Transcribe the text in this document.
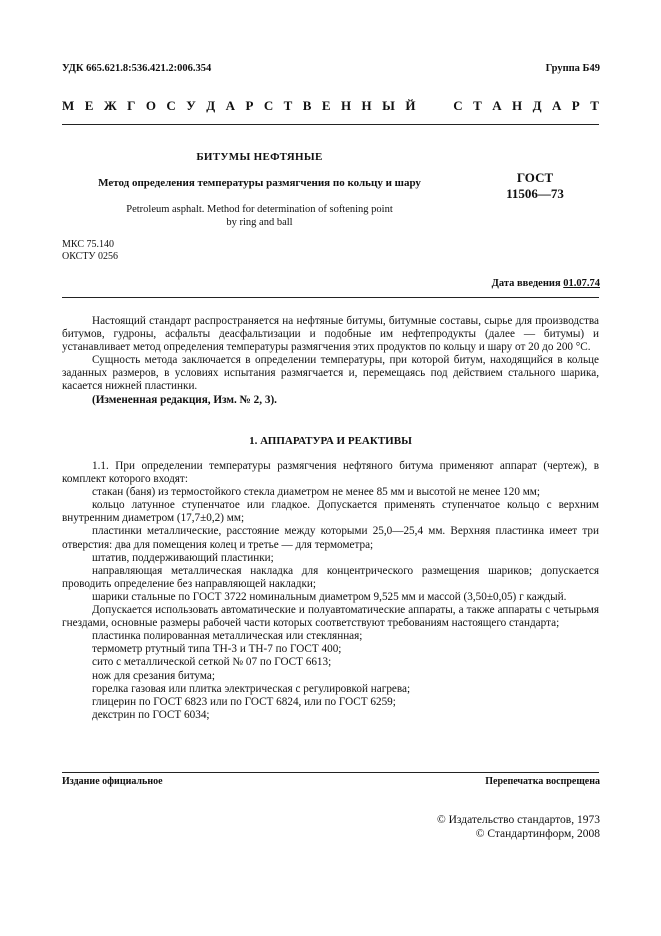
УДК 665.621.8:536.421.2:006.354	Группа Б49
М Е Ж Г О С У Д А Р С Т В Е Н Н Ы Й

	С Т А Н Д А Р Т
БИТУМЫ НЕФТЯНЫЕ
Метод определения температуры размягчения по кольцу и шару
Petroleum asphalt. Method for determination of softening point
by ring and ball
ГОСТ
11506—73
МКС 75.140
ОКСТУ 0256
Дата введения 01.07.74

Настоящий стандарт распространяется на нефтяные битумы, битумные составы, сырье для производства битумов, гудроны, асфальты деасфальтизации и подобные им нефтепродукты (далее — битумы) и устанавливает метод определения температуры размягчения этих продуктов по кольцу и шару от 20 до 200 °С.

Сущность метода заключается в определении температуры, при которой битум, находящийся в кольце заданных размеров, в условиях испытания размягчается и, перемещаясь под действием стального шарика, касается нижней пластинки.

(Измененная редакция, Изм. № 2, 3).

1. АППАРАТУРА И РЕАКТИВЫ

1.1. При определении температуры размягчения нефтяного битума применяют аппарат (чертеж), в комплект которого входят:

стакан (баня) из термостойкого стекла диаметром не менее 85 мм и высотой не менее 120 мм;

кольцо латунное ступенчатое или гладкое. Допускается применять ступенчатое кольцо с верхним внутренним диаметром (17,7±0,2) мм;

пластинки металлические, расстояние между которыми 25,0—25,4 мм. Верхняя пластинка имеет три отверстия: два для помещения колец и третье — для термометра;

штатив, поддерживающий пластинки;

направляющая металлическая накладка для концентрического размещения шариков; допускается проводить определение без направляющей накладки;

шарики стальные по ГОСТ 3722 номинальным диаметром 9,525 мм и массой (3,50±0,05) г каждый.

Допускается использовать автоматические и полуавтоматические аппараты, а также аппараты с четырьмя гнездами, основные размеры рабочей части которых соответствуют требованиям настоящего стандарта;

пластинка полированная металлическая или стеклянная;

термометр ртутный типа ТН-3 и ТН-7 по ГОСТ 400;

сито с металлической сеткой № 07 по ГОСТ 6613;

нож для срезания битума;

горелка газовая или плитка электрическая с регулировкой нагрева;

глицерин по ГОСТ 6823 или по ГОСТ 6824, или по ГОСТ 6259;

декстрин по ГОСТ 6034;

Издание официальное	Перепечатка воспрещена
© Издательство стандартов, 1973
© Стандартинформ, 2008
